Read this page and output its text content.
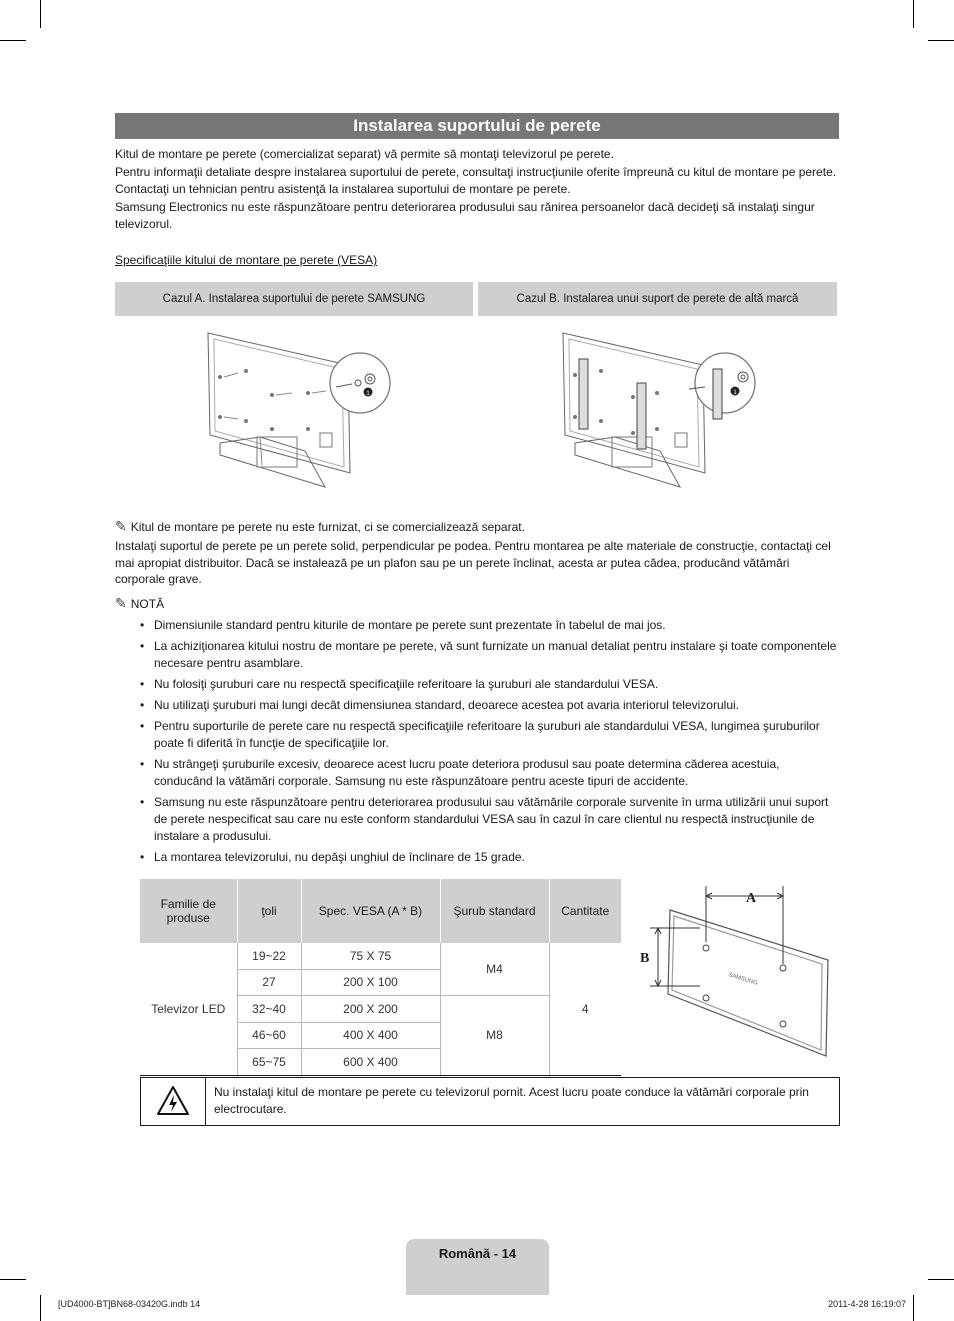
Instalarea suportului de perete

Kitul de montare pe perete (comercializat separat) vă permite să montaţi televizorul pe perete.

Pentru informaţii detaliate despre instalarea suportului de perete, consultaţi instrucţiunile oferite împreună cu kitul de montare pe perete. Contactaţi un tehnician pentru asistenţă la instalarea suportului de montare pe perete.

Samsung Electronics nu este răspunzătoare pentru deteriorarea produsului sau rănirea persoanelor dacă decideţi să instalaţi singur televizorul.

Specificaţiile kitului de montare pe perete (VESA)
Cazul A. Instalarea suportului de perete SAMSUNG	Cazul B. Instalarea unui suport de perete de altă marcă
1	1
✎ Kitul de montare pe perete nu este furnizat, ci se comercializează separat.
Instalaţi suportul de perete pe un perete solid, perpendicular pe podea. Pentru montarea pe alte materiale de construcţie, contactaţi cel mai apropiat distribuitor. Dacă se instalează pe un plafon sau pe un perete înclinat, acesta ar putea cădea, producând vătămări corporale grave.
✎ NOTĂ
• Dimensiunile standard pentru kiturile de montare pe perete sunt prezentate în tabelul de mai jos.
• La achiziţionarea kitului nostru de montare pe perete, vă sunt furnizate un manual detaliat pentru instalare şi toate componentele necesare pentru asamblare.
• Nu folosiţi şuruburi care nu respectă specificaţiile referitoare la şuruburi ale standardului VESA.
• Nu utilizaţi şuruburi mai lungi decât dimensiunea standard, deoarece acestea pot avaria interiorul televizorului.
• Pentru suporturile de perete care nu respectă specificaţiile referitoare la şuruburi ale standardului VESA, lungimea şuruburilor poate fi diferită în funcţie de specificaţiile lor.
• Nu strângeţi şuruburile excesiv, deoarece acest lucru poate deteriora produsul sau poate determina căderea acestuia, conducând la vătămări corporale. Samsung nu este răspunzătoare pentru aceste tipuri de accidente.
• Samsung nu este răspunzătoare pentru deteriorarea produsului sau vătămările corporale survenite în urma utilizării unui suport de perete nespecificat sau care nu este conform standardului VESA sau în cazul în care clientul nu respectă instrucţiunile de instalare a produsului.
• La montarea televizorului, nu depăşi unghiul de înclinare de 15 grade.
Familie de produse	ţoli	Spec. VESA (A * B)	Şurub standard	Cantitate
Televizor LED	19~22	75 X 75	M4	4
	27	200 X 100		
	32~40	200 X 200	M8	
	46~60	400 X 400		
	65~75	600 X 400		
A
B
SAMSUNG
Nu instalaţi kitul de montare pe perete cu televizorul pornit. Acest lucru poate conduce la vătămări corporale prin electrocutare.
Română - 14
[UD4000-BT]BN68-03420G.indb 14	2011-4-28 16:19:07
